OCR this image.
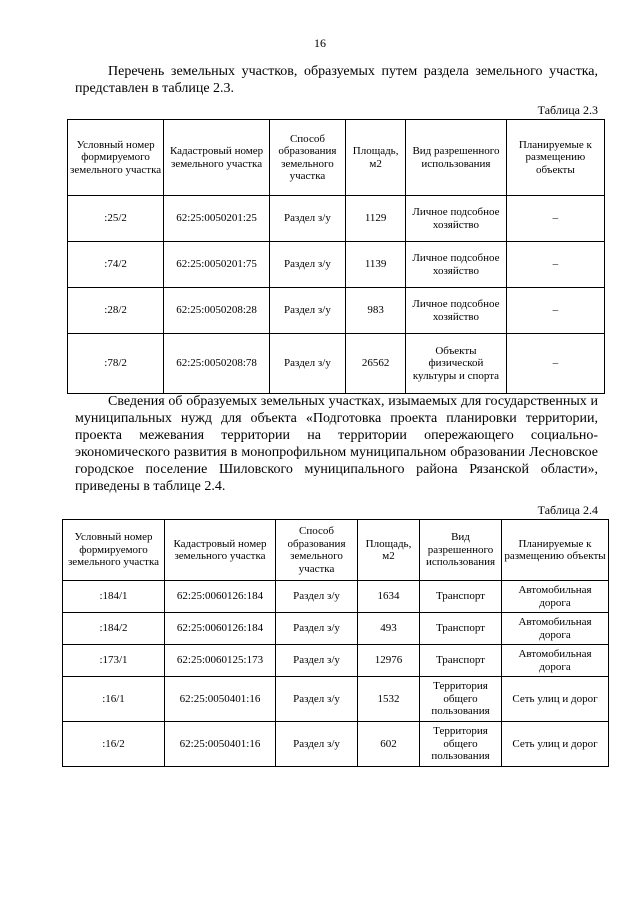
16

Перечень земельных участков, образуемых путем раздела земельного участка, представлен в таблице 2.3.

Таблица 2.3
Условный номер формируемого земельного участка	Кадастровый номер земельного участка	Способ образования земельного участка	Площадь, м2	Вид разрешенного использования	Планируемые к размещению объекты
:25/2	62:25:0050201:25	Раздел з/у	1129	Личное подсобное хозяйство	–
:74/2	62:25:0050201:75	Раздел з/у	1139	Личное подсобное хозяйство	–
:28/2	62:25:0050208:28	Раздел з/у	983	Личное подсобное хозяйство	–
:78/2	62:25:0050208:78	Раздел з/у	26562	Объекты физической культуры и спорта	–

Сведения об образуемых земельных участках, изымаемых для государственных и муниципальных нужд для объекта «Подготовка проекта планировки территории, проекта межевания территории на территории опережающего социально-экономического развития в монопрофильном муниципальном образовании Лесновское городское поселение Шиловского муниципального района Рязанской области», приведены в таблице 2.4.

Таблица 2.4
Условный номер формируемого земельного участка	Кадастровый номер земельного участка	Способ образования земельного участка	Площадь, м2	Вид разрешенного использования	Планируемые к размещению объекты
:184/1	62:25:0060126:184	Раздел з/у	1634	Транспорт	Автомобильная дорога
:184/2	62:25:0060126:184	Раздел з/у	493	Транспорт	Автомобильная дорога
:173/1	62:25:0060125:173	Раздел з/у	12976	Транспорт	Автомобильная дорога
:16/1	62:25:0050401:16	Раздел з/у	1532	Территория общего пользования	Сеть улиц и дорог
:16/2	62:25:0050401:16	Раздел з/у	602	Территория общего пользования	Сеть улиц и дорог
